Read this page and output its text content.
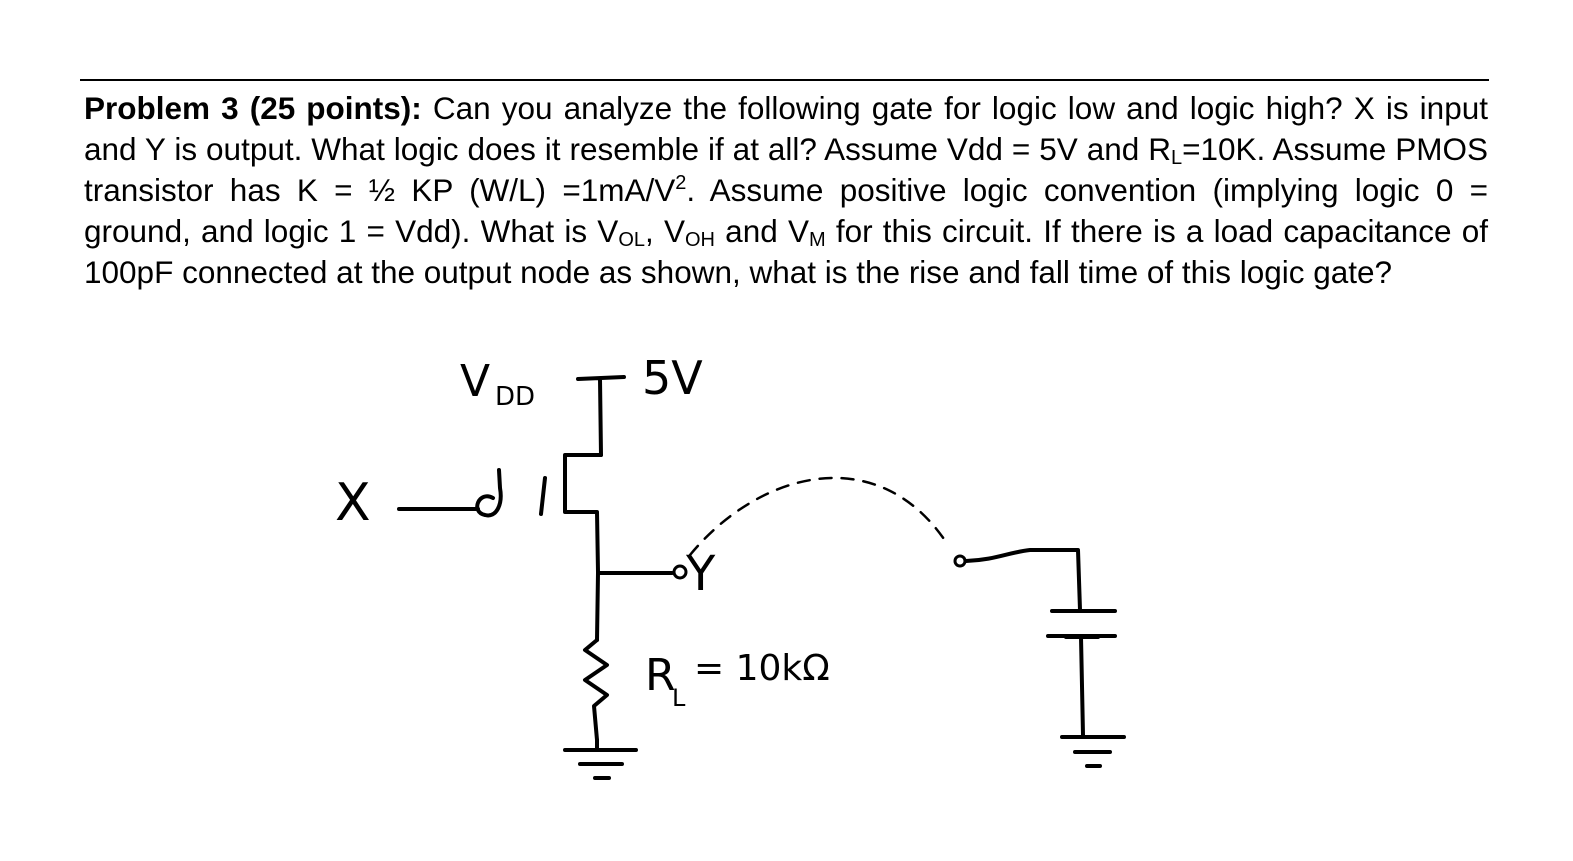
Problem 3 (25 points): Can you analyze the following gate for logic low and logic high? X is input and Y is output. What logic does it resemble if at all? Assume Vdd = 5V and $R_L=10K$. Assume PMOS transistor has K = ½ KP $(W/L) =1mA/V^2$. Assume positive logic convention (implying logic 0 = ground, and logic 1 = Vdd). What is $V_{OL}$, $V_{OH}$ and $V_M$ for this circuit. If there is a load capacitance of 100pF connected at the output node as shown, what is the rise and fall time of this logic gate?
V DD 5V
X
Y
R
L
= 10kΩ
